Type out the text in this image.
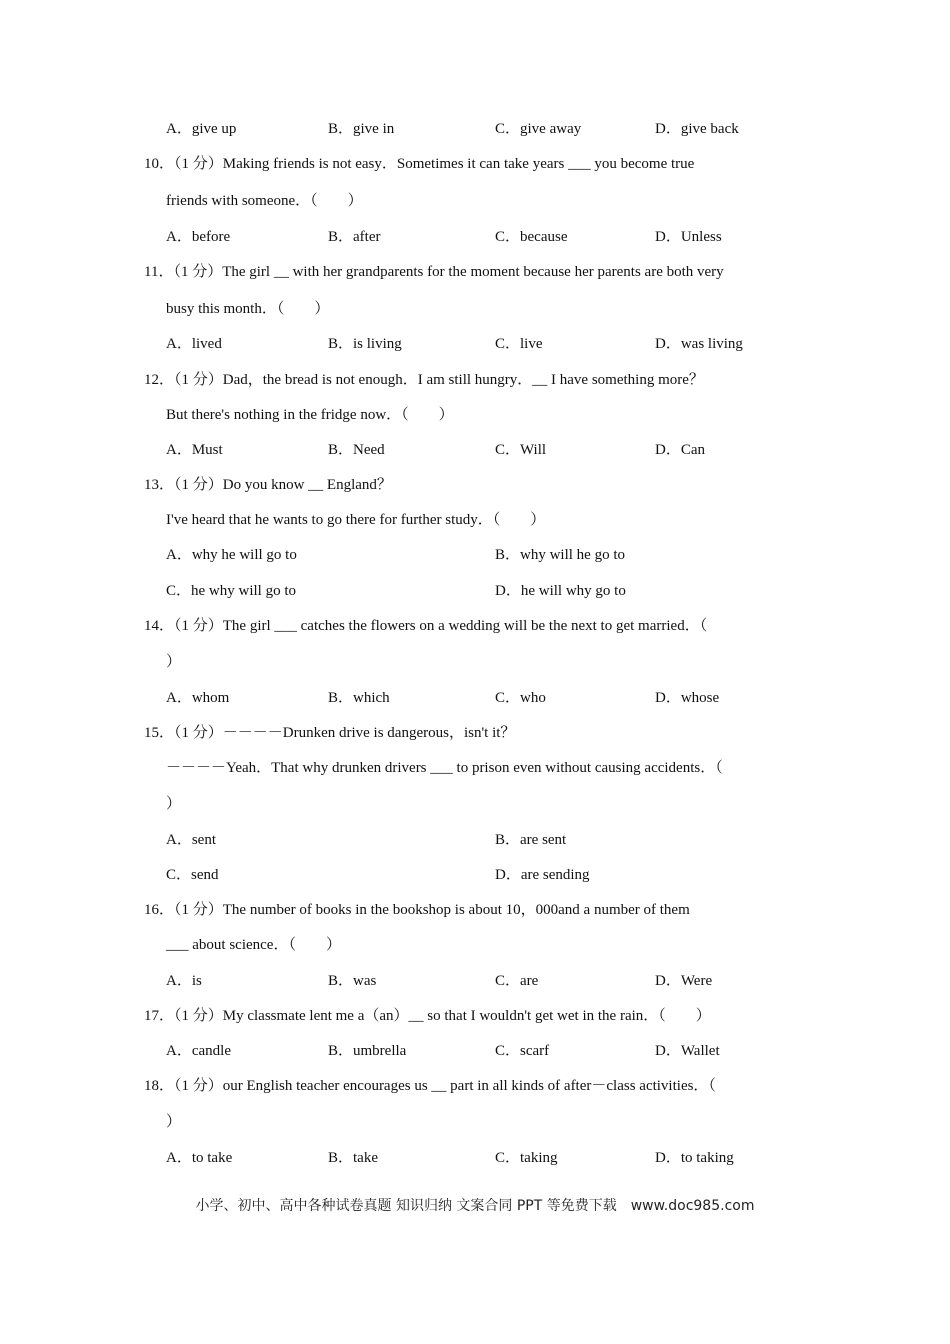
A．give up	B．give in	C．give away	D．give back
10．（1 分）Making friends is not easy．Sometimes it can take years ___ you become true
friends with someone．（　　）
A．before	B．after	C．because	D．Unless
11．（1 分）The girl __ with her grandparents for the moment because her parents are both very
busy this month．（　　）
A．lived	B．is living	C．live	D．was living
12．（1 分）Dad，the bread is not enough．I am still hungry．__ I have something more？
But there's nothing in the fridge now．（　　）
A．Must	B．Need	C．Will	D．Can
13．（1 分）Do you know __ England？
I've heard that he wants to go there for further study．（　　）
A．why he will go to	B．why will he go to
C．he why will go to	D．he will why go to
14．（1 分）The girl ___ catches the flowers on a wedding will be the next to get married．（
）
A．whom	B．which	C．who	D．whose
15．（1 分）－－－－Drunken drive is dangerous，isn't it？
－－－－Yeah．That why drunken drivers ___ to prison even without causing accidents．（
）
A．sent	B．are sent
C．send	D．are sending
16．（1 分）The number of books in the bookshop is about 10，000and a number of them
___ about science．（　　）
A．is	B．was	C．are	D．Were
17．（1 分）My classmate lent me a（an）__ so that I wouldn't get wet in the rain．（　　）
A．candle	B．umbrella	C．scarf	D．Wallet
18．（1 分）our English teacher encourages us __ part in all kinds of after－class activities．（
）
A．to take	B．take	C．taking	D．to taking
小学、初中、高中各种试卷真题 知识归纳 文案合同 PPT 等免费下载　www.doc985.com
